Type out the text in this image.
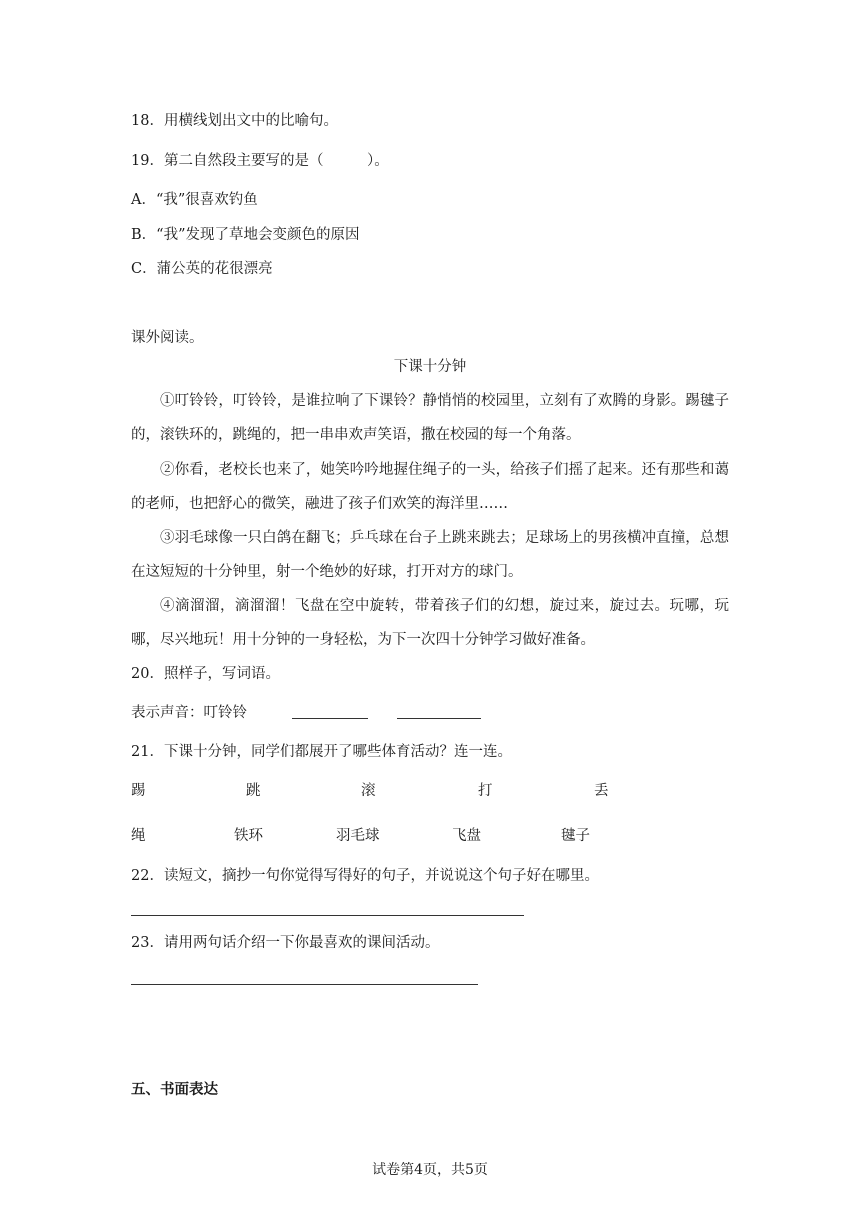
18．用横线划出文中的比喻句。
19．第二自然段主要写的是（　　　）。
A．“我”很喜欢钓鱼
B．“我”发现了草地会变颜色的原因
C．蒲公英的花很漂亮
课外阅读。
下课十分钟
①叮铃铃，叮铃铃，是谁拉响了下课铃？静悄悄的校园里，立刻有了欢腾的身影。踢毽子的，滚铁环的，跳绳的，把一串串欢声笑语，撒在校园的每一个角落。
②你看，老校长也来了，她笑吟吟地握住绳子的一头，给孩子们摇了起来。还有那些和蔼的老师，也把舒心的微笑，融进了孩子们欢笑的海洋里……
③羽毛球像一只白鸽在翻飞；乒乓球在台子上跳来跳去；足球场上的男孩横冲直撞，总想在这短短的十分钟里，射一个绝妙的好球，打开对方的球门。
④滴溜溜，滴溜溜！飞盘在空中旋转，带着孩子们的幻想，旋过来，旋过去。玩哪，玩哪，尽兴地玩！用十分钟的一身轻松，为下一次四十分钟学习做好准备。
20．照样子，写词语。
表示声音：叮铃铃
21．下课十分钟，同学们都展开了哪些体育活动？连一连。
踢	跳	滚	打	丢
绳	铁环	羽毛球	飞盘	毽子
22．读短文，摘抄一句你觉得写得好的句子，并说说这个句子好在哪里。
23．请用两句话介绍一下你最喜欢的课间活动。
五、书面表达
试卷第4页，共5页
